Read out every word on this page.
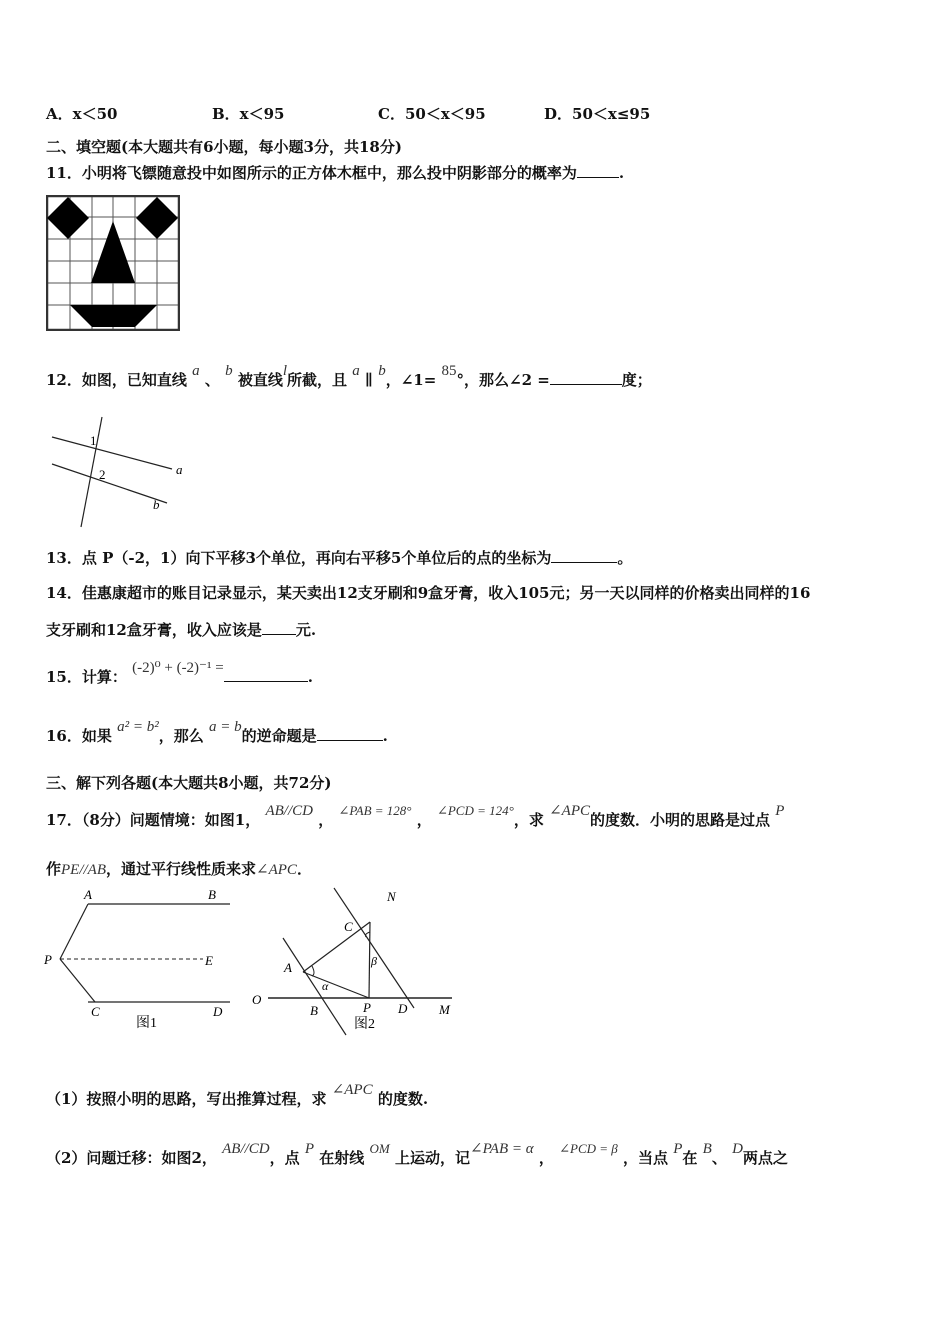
A．x＜50	B．x＜95	C．50＜x＜95	D．50＜x≤95
二、填空题(本大题共有6小题，每小题3分，共18分)
11．小明将飞镖随意投中如图所示的正方体木框中，那么投中阴影部分的概率为	.
12．如图，已知直线 a 、 b 被直线l所截，且 a ∥ b，∠1= 85°，那么∠2 =	度；
1
2	a
b
13．点 P（-2，1）向下平移3个单位，再向右平移5个单位后的点的坐标为	。
14．佳惠康超市的账目记录显示，某天卖出12支牙刷和9盒牙膏，收入105元；另一天以同样的价格卖出同样的16
支牙刷和12盒牙膏，收入应该是 元.
15．计算： (-2)⁰ + (-2)⁻¹ =	.
16．如果 a² = b²，那么 a = b的逆命题是	.
三、解下列各题(本大题共8小题，共72分)
17．（8分）问题情境：如图1， AB//CD ， ∠PAB = 128° ， ∠PCD = 124°，求 ∠APC的度数．小明的思路是过点 P
作PE//AB，通过平行线性质来求∠APC．
A	B
P	E
C	D
图1
N
C
A	β
α
O
B	P D M
图2
（1）按照小明的思路，写出推算过程，求 ∠APC 的度数.
（2）问题迁移：如图2， AB//CD，点 P 在射线 OM 上运动，记∠PAB = α ， ∠PCD = β ，当点 P在 B、 D两点之
